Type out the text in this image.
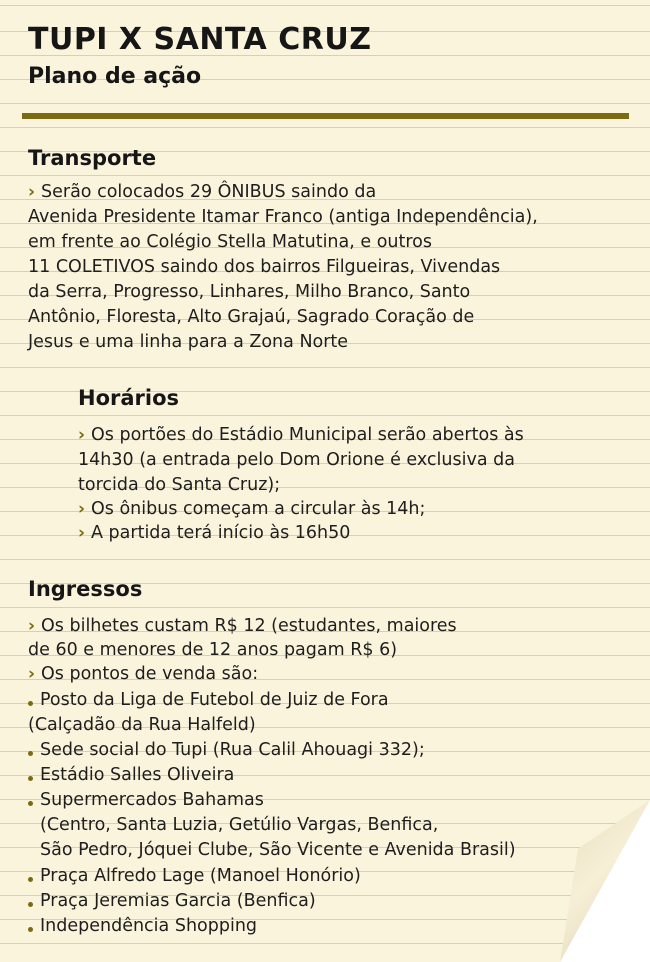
TUPI X SANTA CRUZ
Plano de ação
Transporte
› Serão colocados 29 ÔNIBUS saindo da
Avenida Presidente Itamar Franco (antiga Independência),
em frente ao Colégio Stella Matutina, e outros
11 COLETIVOS saindo dos bairros Filgueiras, Vivendas
da Serra, Progresso, Linhares, Milho Branco, Santo
Antônio, Floresta, Alto Grajaú, Sagrado Coração de
Jesus e uma linha para a Zona Norte
Horários
› Os portões do Estádio Municipal serão abertos às
14h30 (a entrada pelo Dom Orione é exclusiva da
torcida do Santa Cruz);
› Os ônibus começam a circular às 14h;
› A partida terá início às 16h50
Ingressos
› Os bilhetes custam R$ 12 (estudantes, maiores
de 60 e menores de 12 anos pagam R$ 6)
› Os pontos de venda são:
Posto da Liga de Futebol de Juiz de Fora
(Calçadão da Rua Halfeld)
Sede social do Tupi (Rua Calil Ahouagi 332);
Estádio Salles Oliveira
Supermercados Bahamas
(Centro, Santa Luzia, Getúlio Vargas, Benfica,
São Pedro, Jóquei Clube, São Vicente e Avenida Brasil)
Praça Alfredo Lage (Manoel Honório)
Praça Jeremias Garcia (Benfica)
Independência Shopping
